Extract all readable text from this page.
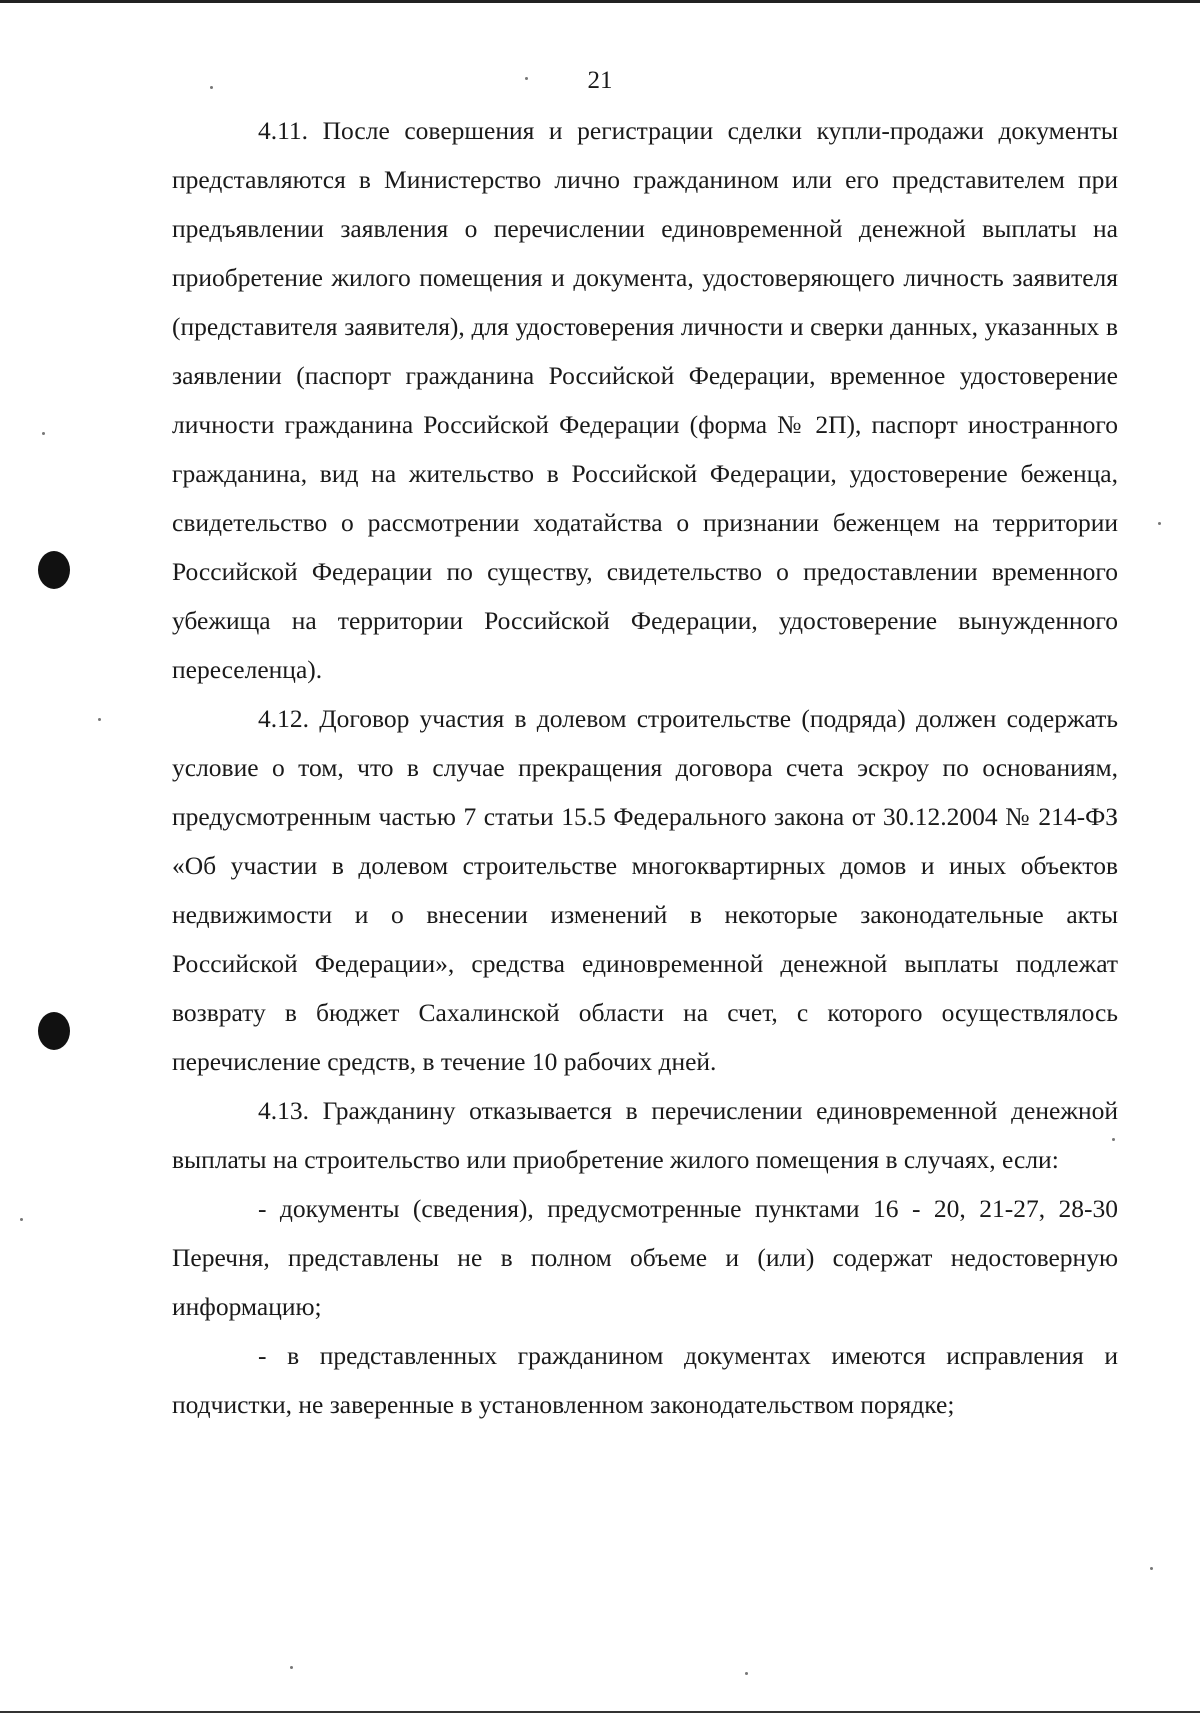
21

4.11. После совершения и регистрации сделки купли-продажи документы представляются в Министерство лично гражданином или его представителем при предъявлении заявления о перечислении единовременной денежной выплаты на приобретение жилого помещения и документа, удостоверяющего личность заявителя (представителя заявителя), для удостоверения личности и сверки данных, указанных в заявлении (паспорт гражданина Российской Федерации, временное удостоверение личности гражданина Российской Федерации (форма № 2П), паспорт иностранного гражданина, вид на жительство в Российской Федерации, удостоверение беженца, свидетельство о рассмотрении ходатайства о признании беженцем на территории Российской Федерации по существу, свидетельство о предоставлении временного убежища на территории Российской Федерации, удостоверение вынужденного переселенца).

4.12. Договор участия в долевом строительстве (подряда) должен содержать условие о том, что в случае прекращения договора счета эскроу по основаниям, предусмотренным частью 7 статьи 15.5 Федерального закона от 30.12.2004 № 214-ФЗ «Об участии в долевом строительстве многоквартирных домов и иных объектов недвижимости и о внесении изменений в некоторые законодательные акты Российской Федерации», средства единовременной денежной выплаты подлежат возврату в бюджет Сахалинской области на счет, с которого осуществлялось перечисление средств, в течение 10 рабочих дней.

4.13. Гражданину отказывается в перечислении единовременной денежной выплаты на строительство или приобретение жилого помещения в случаях, если:

- документы (сведения), предусмотренные пунктами 16 - 20, 21-27, 28-30 Перечня, представлены не в полном объеме и (или) содержат недостоверную информацию;

- в представленных гражданином документах имеются исправления и подчистки, не заверенные в установленном законодательством порядке;
